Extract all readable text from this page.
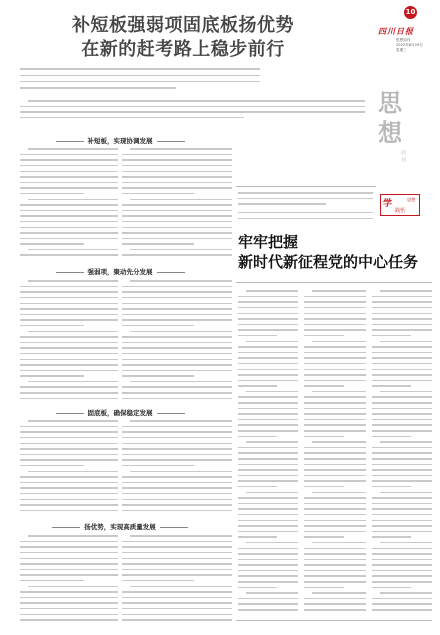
补短板强弱项固底板扬优势
在新的赶考路上稳步前行
10
四川日报
思想周刊
2022年6月29日
星期三
思想
周刊
学	思想
践悟
补短板，实现协调发展
强弱项，聚动先分发展
固底板，确保稳定发展
扬优势，实现高质量发展
牢牢把握
新时代新征程党的中心任务
